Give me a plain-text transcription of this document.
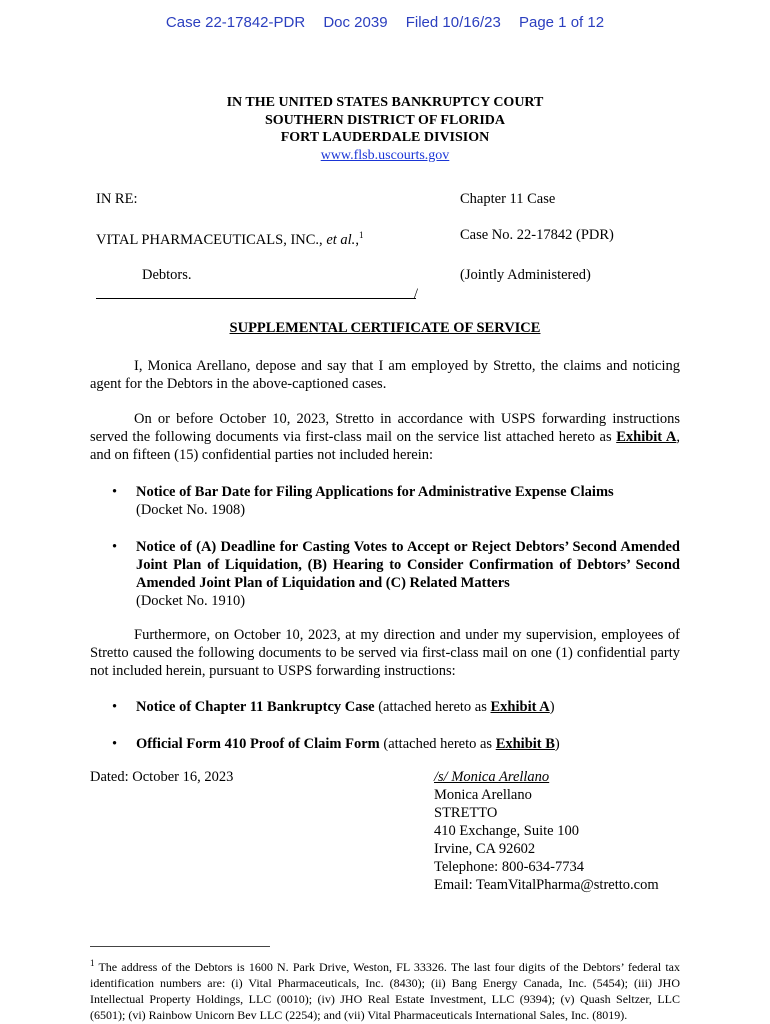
Case 22-17842-PDR Doc 2039 Filed 10/16/23 Page 1 of 12
IN THE UNITED STATES BANKRUPTCY COURT
SOUTHERN DISTRICT OF FLORIDA
FORT LAUDERDALE DIVISION
www.flsb.uscourts.gov
IN RE:
VITAL PHARMACEUTICALS, INC., et al.,$^1$
Debtors.
/
Chapter 11 Case
Case No. 22-17842 (PDR)
(Jointly Administered)
SUPPLEMENTAL CERTIFICATE OF SERVICE
I, Monica Arellano, depose and say that I am employed by Stretto, the claims and noticing agent for the Debtors in the above-captioned cases.
On or before October 10, 2023, Stretto in accordance with USPS forwarding instructions served the following documents via first-class mail on the service list attached hereto as Exhibit A, and on fifteen (15) confidential parties not included herein:
• Notice of Bar Date for Filing Applications for Administrative Expense Claims
(Docket No. 1908)
• Notice of (A) Deadline for Casting Votes to Accept or Reject Debtors’ Second Amended Joint Plan of Liquidation, (B) Hearing to Consider Confirmation of Debtors’ Second Amended Joint Plan of Liquidation and (C) Related Matters
(Docket No. 1910)
Furthermore, on October 10, 2023, at my direction and under my supervision, employees of Stretto caused the following documents to be served via first-class mail on one (1) confidential party not included herein, pursuant to USPS forwarding instructions:
• Notice of Chapter 11 Bankruptcy Case (attached hereto as Exhibit A)
• Official Form 410 Proof of Claim Form (attached hereto as Exhibit B)
Dated: October 16, 2023	/s/ Monica Arellano
Monica Arellano
STRETTO
410 Exchange, Suite 100
Irvine, CA 92602
Telephone: 800-634-7734
Email: TeamVitalPharma@stretto.com
$^1$ The address of the Debtors is 1600 N. Park Drive, Weston, FL 33326. The last four digits of the Debtors’ federal tax identification numbers are: (i) Vital Pharmaceuticals, Inc. (8430); (ii) Bang Energy Canada, Inc. (5454); (iii) JHO Intellectual Property Holdings, LLC (0010); (iv) JHO Real Estate Investment, LLC (9394); (v) Quash Seltzer, LLC (6501); (vi) Rainbow Unicorn Bev LLC (2254); and (vii) Vital Pharmaceuticals International Sales, Inc. (8019).
